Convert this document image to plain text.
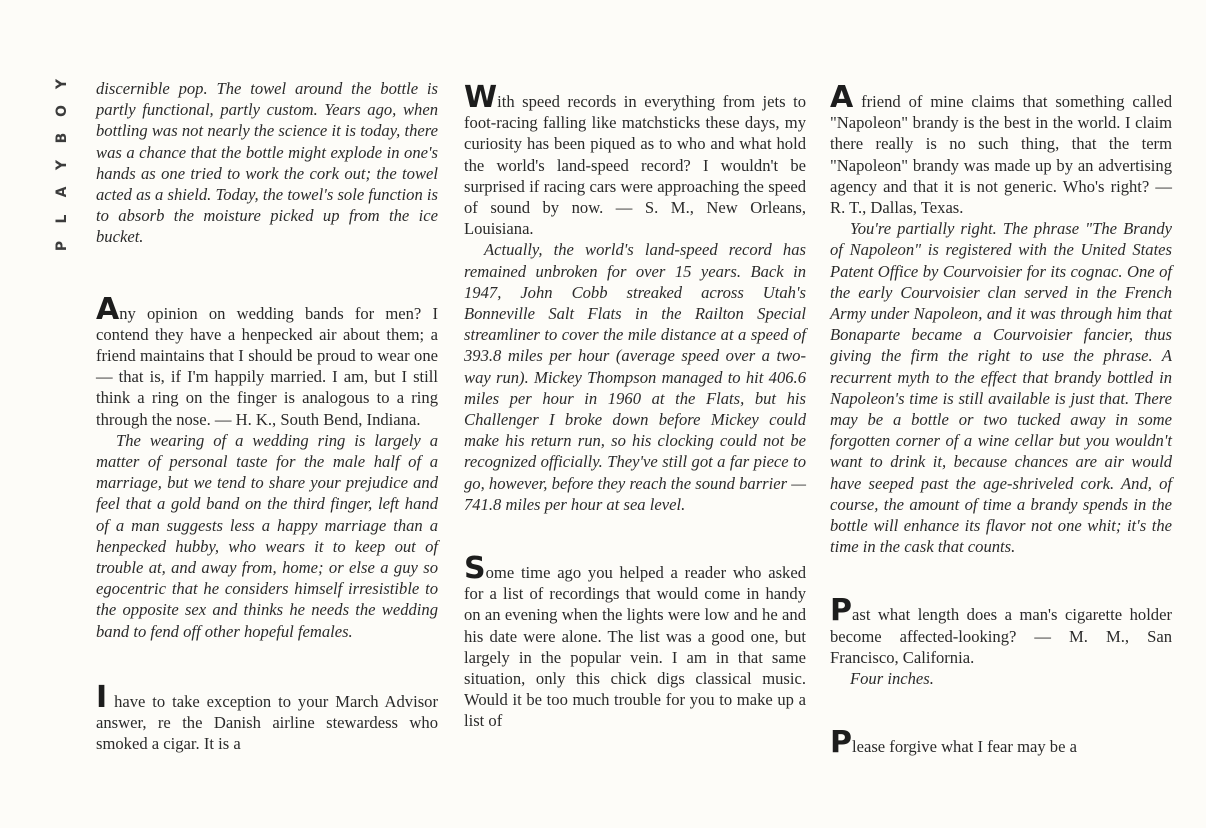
Y
O
B
Y
A
L
P

discernible pop. The towel around the bottle is partly functional, partly custom. Years ago, when bottling was not nearly the science it is today, there was a chance that the bottle might explode in one's hands as one tried to work the cork out; the towel acted as a shield. Today, the towel's sole function is to absorb the moisture picked up from the ice bucket.

Any opinion on wedding bands for men? I contend they have a henpecked air about them; a friend maintains that I should be proud to wear one — that is, if I'm happily married. I am, but I still think a ring on the finger is analogous to a ring through the nose. — H. K., South Bend, Indiana.

The wearing of a wedding ring is largely a matter of personal taste for the male half of a marriage, but we tend to share your prejudice and feel that a gold band on the third finger, left hand of a man suggests less a happy marriage than a henpecked hubby, who wears it to keep out of trouble at, and away from, home; or else a guy so egocentric that he considers himself irresistible to the opposite sex and thinks he needs the wedding band to fend off other hopeful females.

I have to take exception to your March Advisor answer, re the Danish airline stewardess who smoked a cigar. It is a

With speed records in everything from jets to foot-racing falling like matchsticks these days, my curiosity has been piqued as to who and what hold the world's land-speed record? I wouldn't be surprised if racing cars were approaching the speed of sound by now. — S. M., New Orleans, Louisiana.

Actually, the world's land-speed record has remained unbroken for over 15 years. Back in 1947, John Cobb streaked across Utah's Bonneville Salt Flats in the Railton Special streamliner to cover the mile distance at a speed of 393.8 miles per hour (average speed over a two-way run). Mickey Thompson managed to hit 406.6 miles per hour in 1960 at the Flats, but his Challenger I broke down before Mickey could make his return run, so his clocking could not be recognized officially. They've still got a far piece to go, however, before they reach the sound barrier — 741.8 miles per hour at sea level.

Some time ago you helped a reader who asked for a list of recordings that would come in handy on an evening when the lights were low and he and his date were alone. The list was a good one, but largely in the popular vein. I am in that same situation, only this chick digs classical music. Would it be too much trouble for you to make up a list of

A friend of mine claims that something called "Napoleon" brandy is the best in the world. I claim there really is no such thing, that the term "Napoleon" brandy was made up by an advertising agency and that it is not generic. Who's right? — R. T., Dallas, Texas.

You're partially right. The phrase "The Brandy of Napoleon" is registered with the United States Patent Office by Courvoisier for its cognac. One of the early Courvoisier clan served in the French Army under Napoleon, and it was through him that Bonaparte became a Courvoisier fancier, thus giving the firm the right to use the phrase. A recurrent myth to the effect that brandy bottled in Napoleon's time is still available is just that. There may be a bottle or two tucked away in some forgotten corner of a wine cellar but you wouldn't want to drink it, because chances are air would have seeped past the age-shriveled cork. And, of course, the amount of time a brandy spends in the bottle will enhance its flavor not one whit; it's the time in the cask that counts.

Past what length does a man's cigarette holder become affected-looking? — M. M., San Francisco, California.

Four inches.

Please forgive what I fear may be a
